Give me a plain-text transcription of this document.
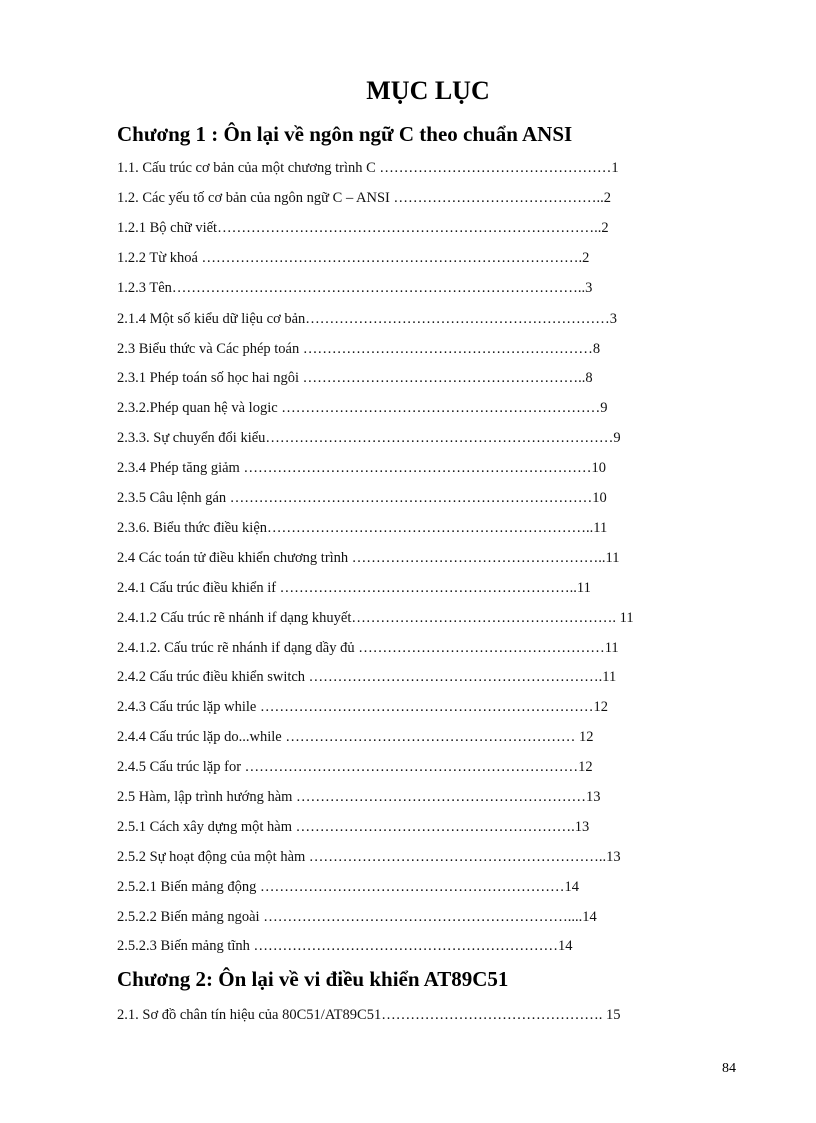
MỤC LỤC
Chương 1 : Ôn lại về ngôn ngữ C theo chuẩn ANSI
1.1. Cấu trúc cơ bản của một chương trình C …………………………………………1
1.2. Các yếu tố cơ bản của ngôn ngữ C – ANSI ……………………………………..2
1.2.1 Bộ chữ viết……………………………………………………………………..2
1.2.2 Từ khoá …………………………………………………………………….2
1.2.3 Tên…………………………………………………………………………..3
2.1.4 Một số kiểu dữ liệu cơ bản………………………………………………………3
2.3 Biểu thức và Các phép toán ……………………………………………………8
2.3.1 Phép toán số học hai ngôi …………………………………………………..8
2.3.2.Phép quan hệ và logic …………………………………………………………9
2.3.3. Sự chuyển đổi kiểu………………………………………………………………9
2.3.4 Phép tăng giảm ………………………………………………………………10
2.3.5 Câu lệnh gán …………………………………………………………………10
2.3.6. Biểu thức điều kiện…………………………………………………………..11
2.4 Các toán tử điều khiển chương trình ……………………………………………..11
2.4.1 Cấu trúc điều khiển if ……………………………………………………..11
2.4.1.2 Cấu trúc rẽ nhánh if dạng khuyết………………………………………………. 11
2.4.1.2. Cấu trúc rẽ nhánh if dạng dầy đủ ……………………………………………11
2.4.2 Cấu trúc điều khiển switch …………………………………………………….11
2.4.3 Cấu trúc lặp while ……………………………………………………………12
2.4.4 Cấu trúc lặp do...while …………………………………………………… 12
2.4.5 Cấu trúc lặp for ……………………………………………………………12
2.5 Hàm, lập trình hướng hàm ……………………………………………………13
2.5.1 Cách xây dựng một hàm ………………………………………………….13
2.5.2 Sự hoạt động của một hàm ……………………………………………………..13
2.5.2.1 Biến mảng động ………………………………………………………14
2.5.2.2 Biến mảng ngoài ………………………………………………………....14
2.5.2.3 Biến mảng tĩnh ………………………………………………………14
Chương 2: Ôn lại về vi điều khiển AT89C51
2.1. Sơ đồ chân tín hiệu của 80C51/AT89C51………………………………………. 15
84
